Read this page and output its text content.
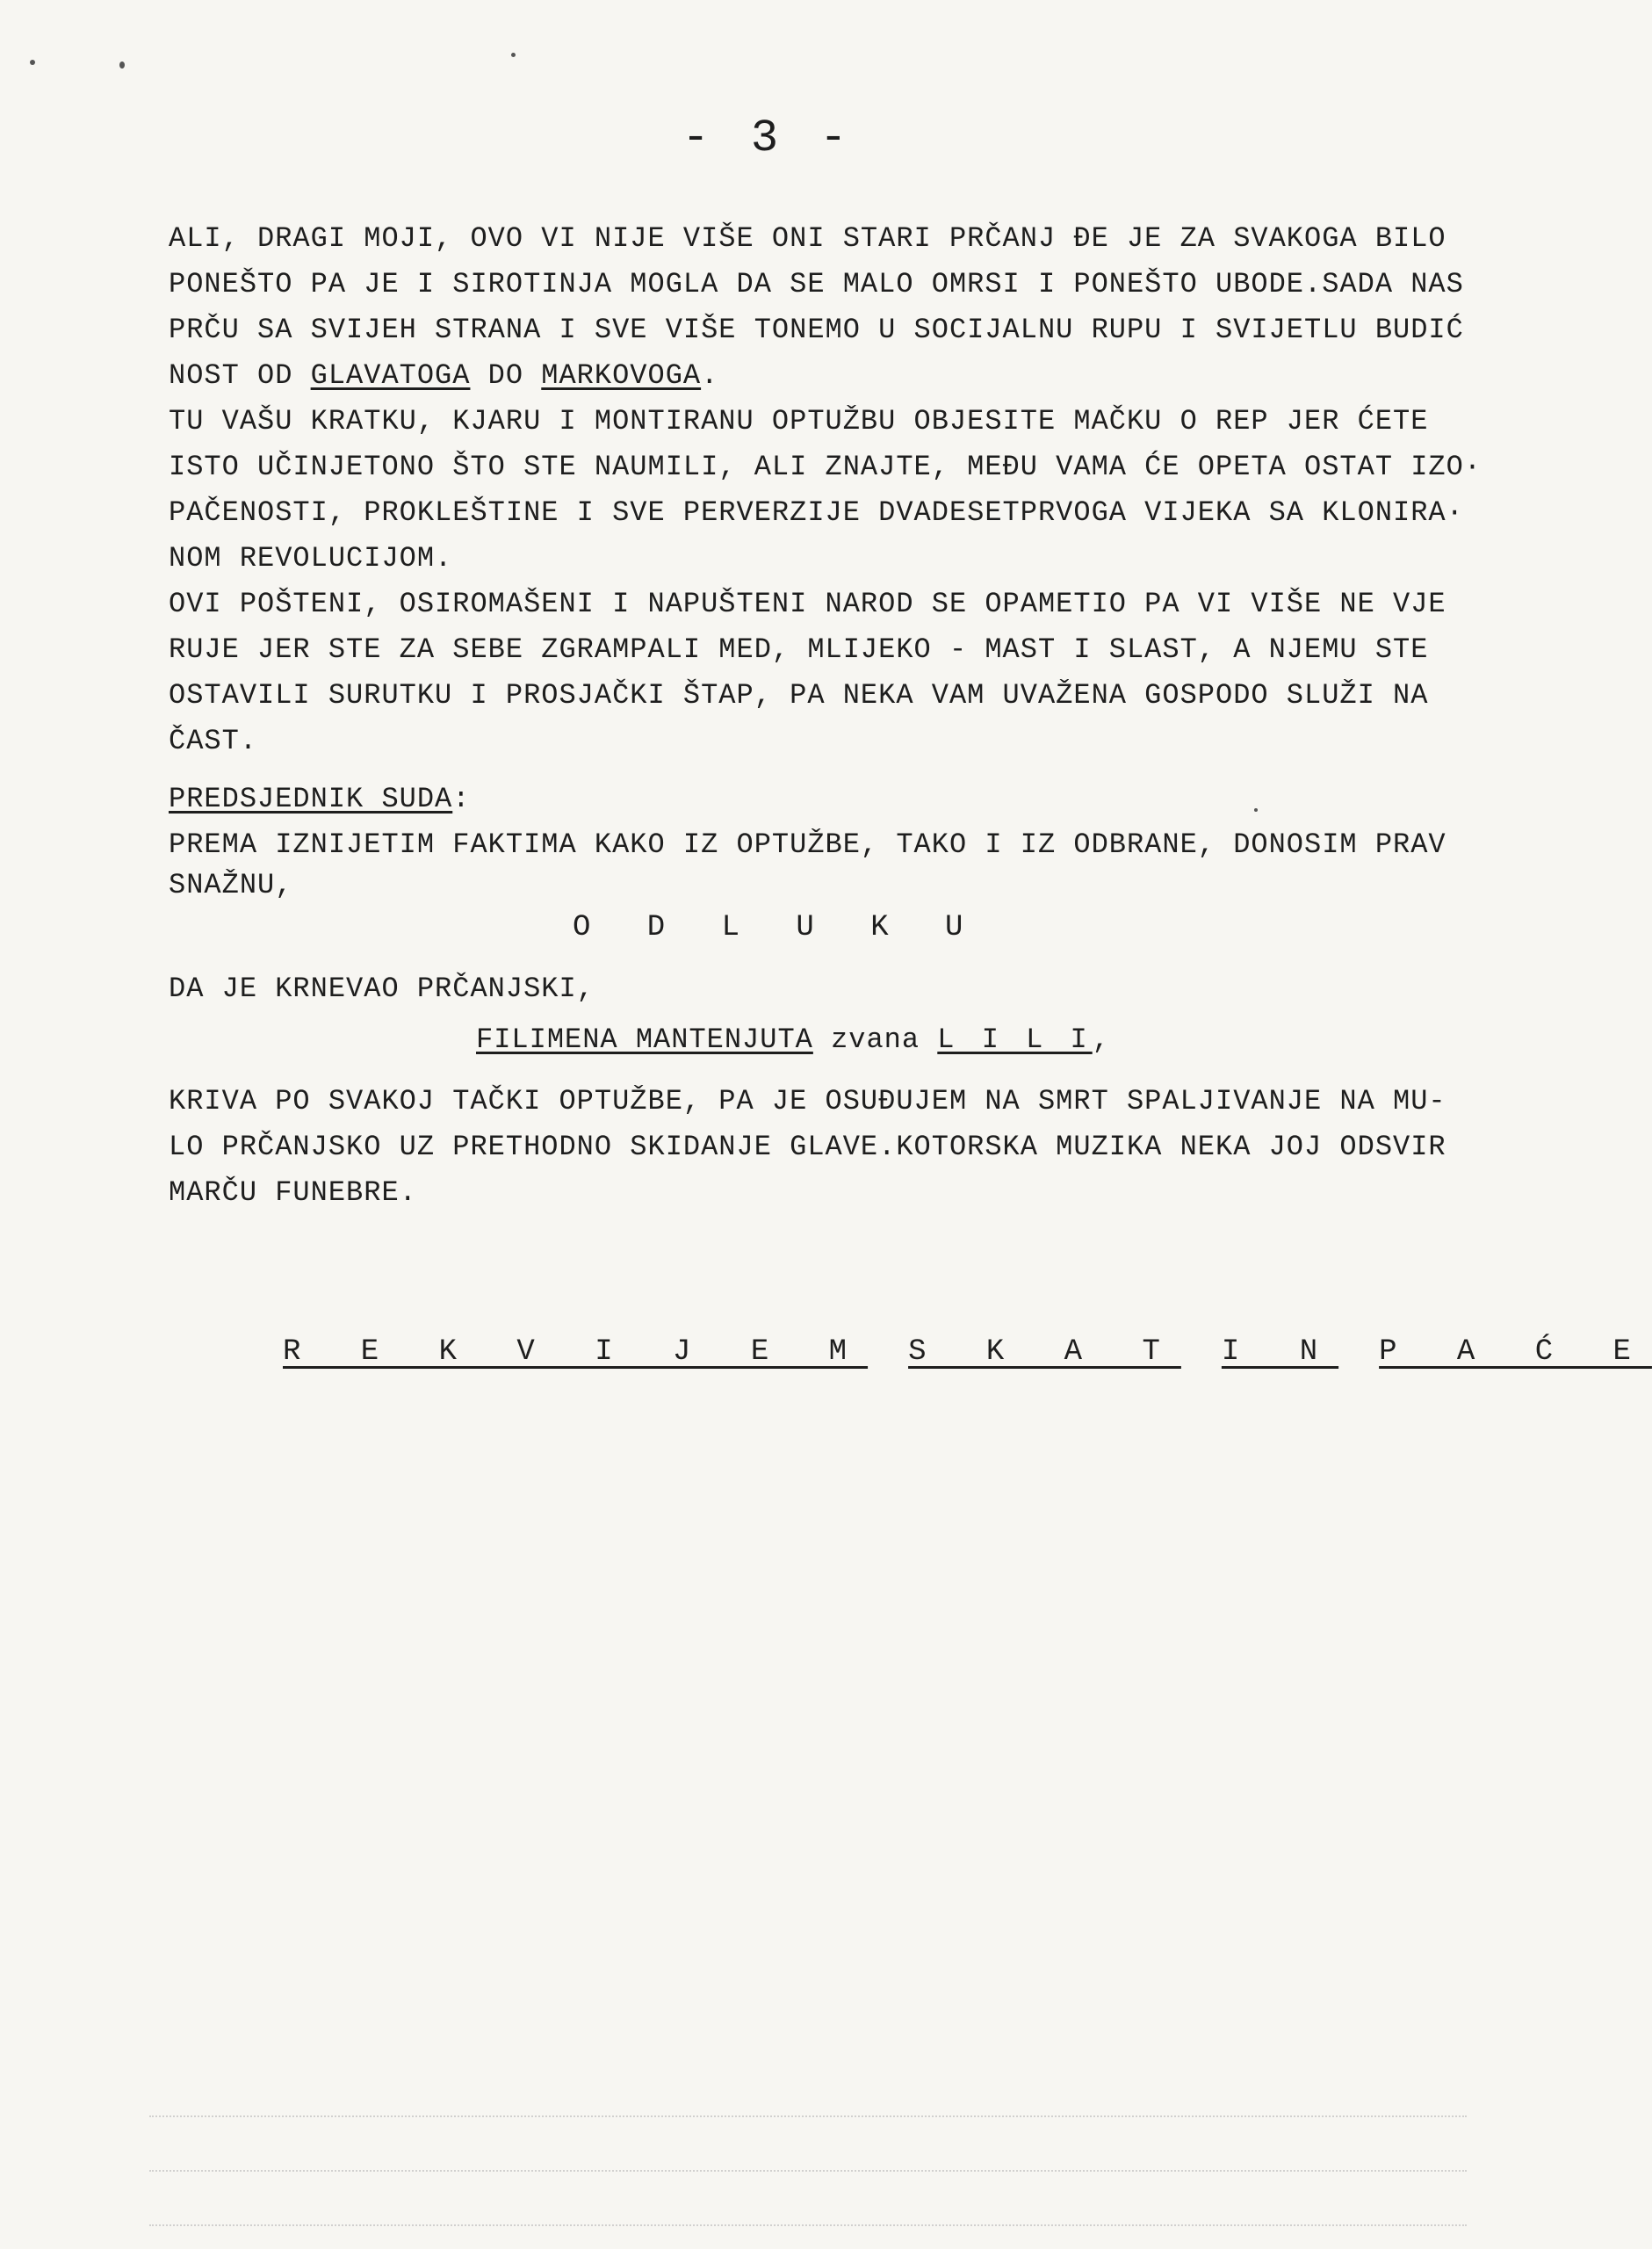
- 3 -
ALI, DRAGI MOJI, OVO VI NIJE VIŠE ONI STARI PRČANJ ĐE JE ZA SVAKOGA BILO
PONEŠTO PA JE I SIROTINJA MOGLA DA SE MALO OMRSI I PONEŠTO UBODE.SADA NAS
PRČU SA SVIJEH STRANA I SVE VIŠE TONEMO U SOCIJALNU RUPU I SVIJETLU BUDIĆ
NOST OD GLAVATOGA DO MARKOVOGA.
TU VAŠU KRATKU, KJARU I MONTIRANU OPTUŽBU OBJESITE MAČKU O REP JER ĆETE
ISTO UČINJETONO ŠTO STE NAUMILI, ALI ZNAJTE, MEĐU VAMA ĆE OPETA OSTAT IZO·
PAČENOSTI, PROKLEŠTINE I SVE PERVERZIJE DVADESETPRVOGA VIJEKA SA KLONIRA·
NOM REVOLUCIJOM.
OVI POŠTENI, OSIROMAŠENI I NAPUŠTENI NAROD SE OPAMETIO PA VI VIŠE NE VJE
RUJE JER STE ZA SEBE ZGRAMPALI MED, MLIJEKO - MAST I SLAST, A NJEMU STE
OSTAVILI SURUTKU I PROSJAČKI ŠTAP, PA NEKA VAM UVAŽENA GOSPODO SLUŽI NA
ČAST.
PREDSJEDNIK SUDA:
PREMA IZNIJETIM FAKTIMA KAKO IZ OPTUŽBE, TAKO I IZ ODBRANE, DONOSIM PRAV
SNAŽNU,
O D L U K U
DA JE KRNEVAO PRČANJSKI,
FILIMENA MANTENJUTA zvana L I L I,
KRIVA PO SVAKOJ TAČKI OPTUŽBE, PA JE OSUĐUJEM NA SMRT SPALJIVANJE NA MU-
LO PRČANJSKO UZ PRETHODNO SKIDANJE GLAVE.KOTORSKA MUZIKA NEKA JOJ ODSVIR
MARČU FUNEBRE.
R E K V I J E M S K A T I N P A Ć E
